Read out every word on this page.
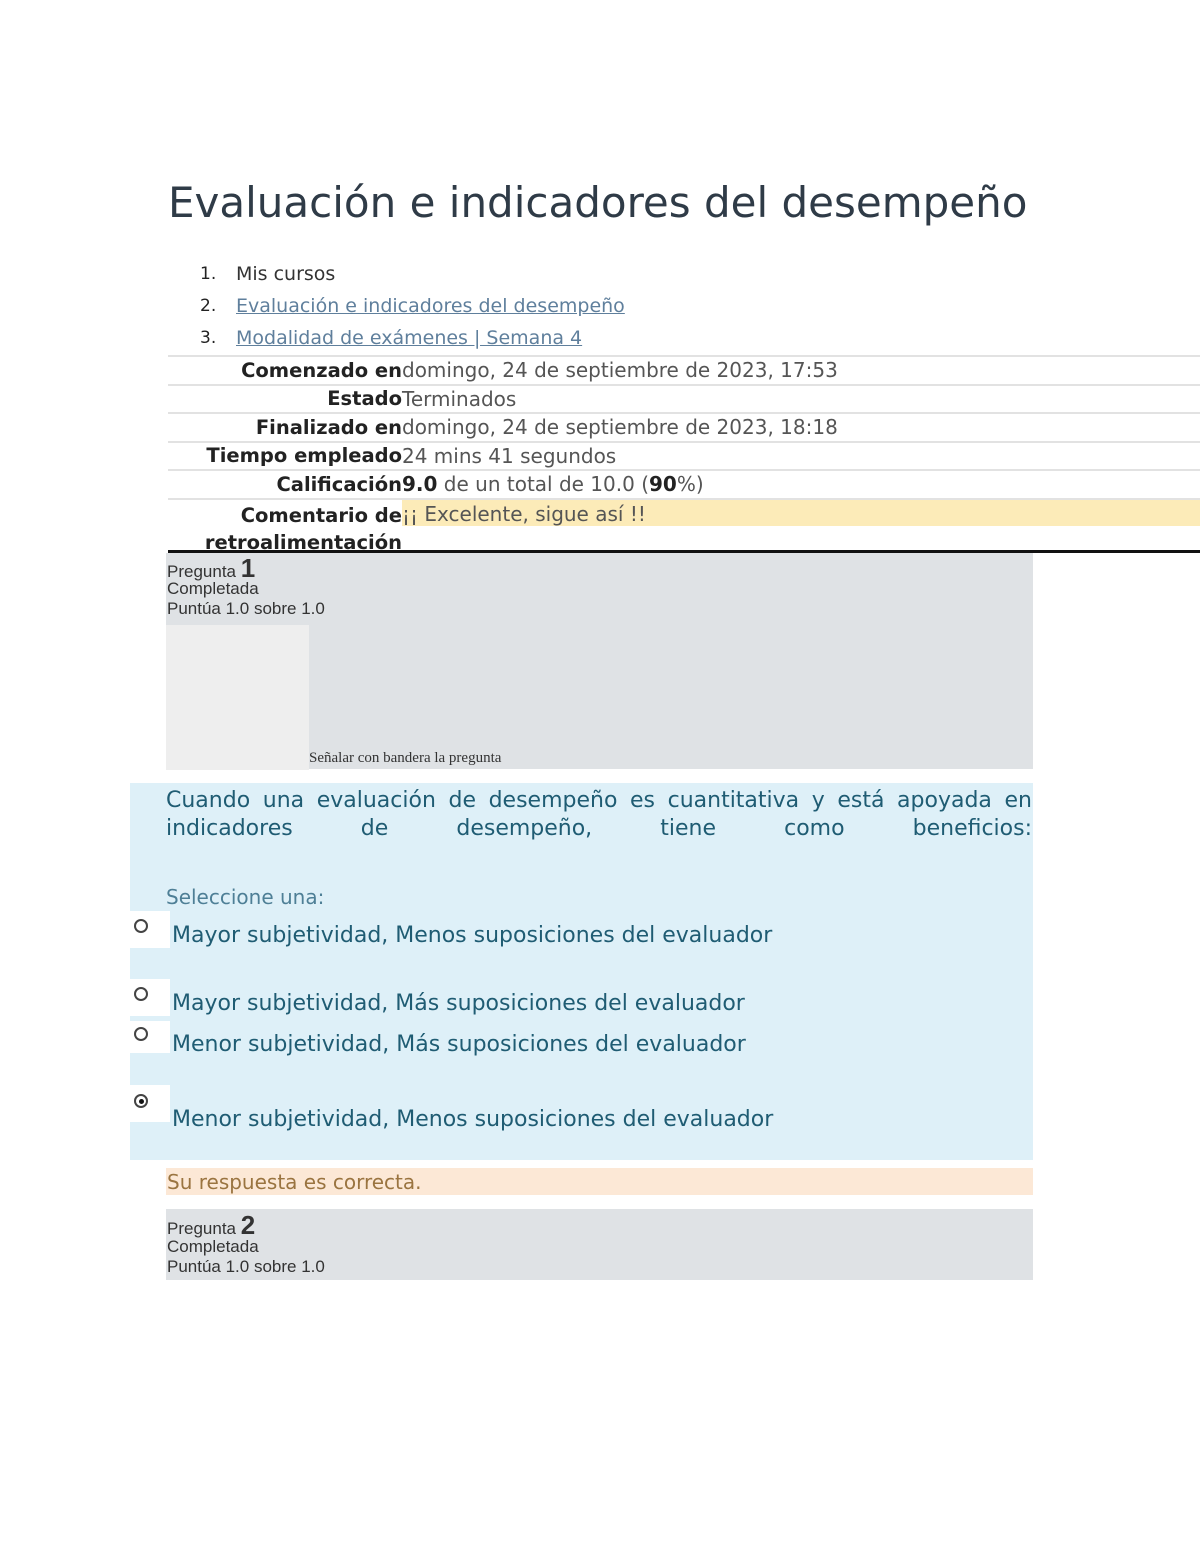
Evaluación e indicadores del desempeño
1.	Mis cursos
2.	Evaluación e indicadores del desempeño
3.	Modalidad de exámenes | Semana 4
Comenzado en domingo, 24 de septiembre de 2023, 17:53
Estado Terminados
Finalizado en domingo, 24 de septiembre de 2023, 18:18
Tiempo empleado 24 mins 41 segundos
Calificación 9.0 de un total de 10.0 (90%)
Comentario de
retroalimentación
¡¡ Excelente, sigue así !!
Pregunta 1
Completada
Puntúa 1.0 sobre 1.0
Señalar con bandera la pregunta

Cuando una evaluación de desempeño es cuantitativa y está apoyada en indicadores de desempeño, tiene como beneficios:

Seleccione una:
Mayor subjetividad, Menos suposiciones del evaluador
Mayor subjetividad, Más suposiciones del evaluador
Menor subjetividad, Más suposiciones del evaluador
Menor subjetividad, Menos suposiciones del evaluador
Su respuesta es correcta.
Pregunta 2
Completada
Puntúa 1.0 sobre 1.0
